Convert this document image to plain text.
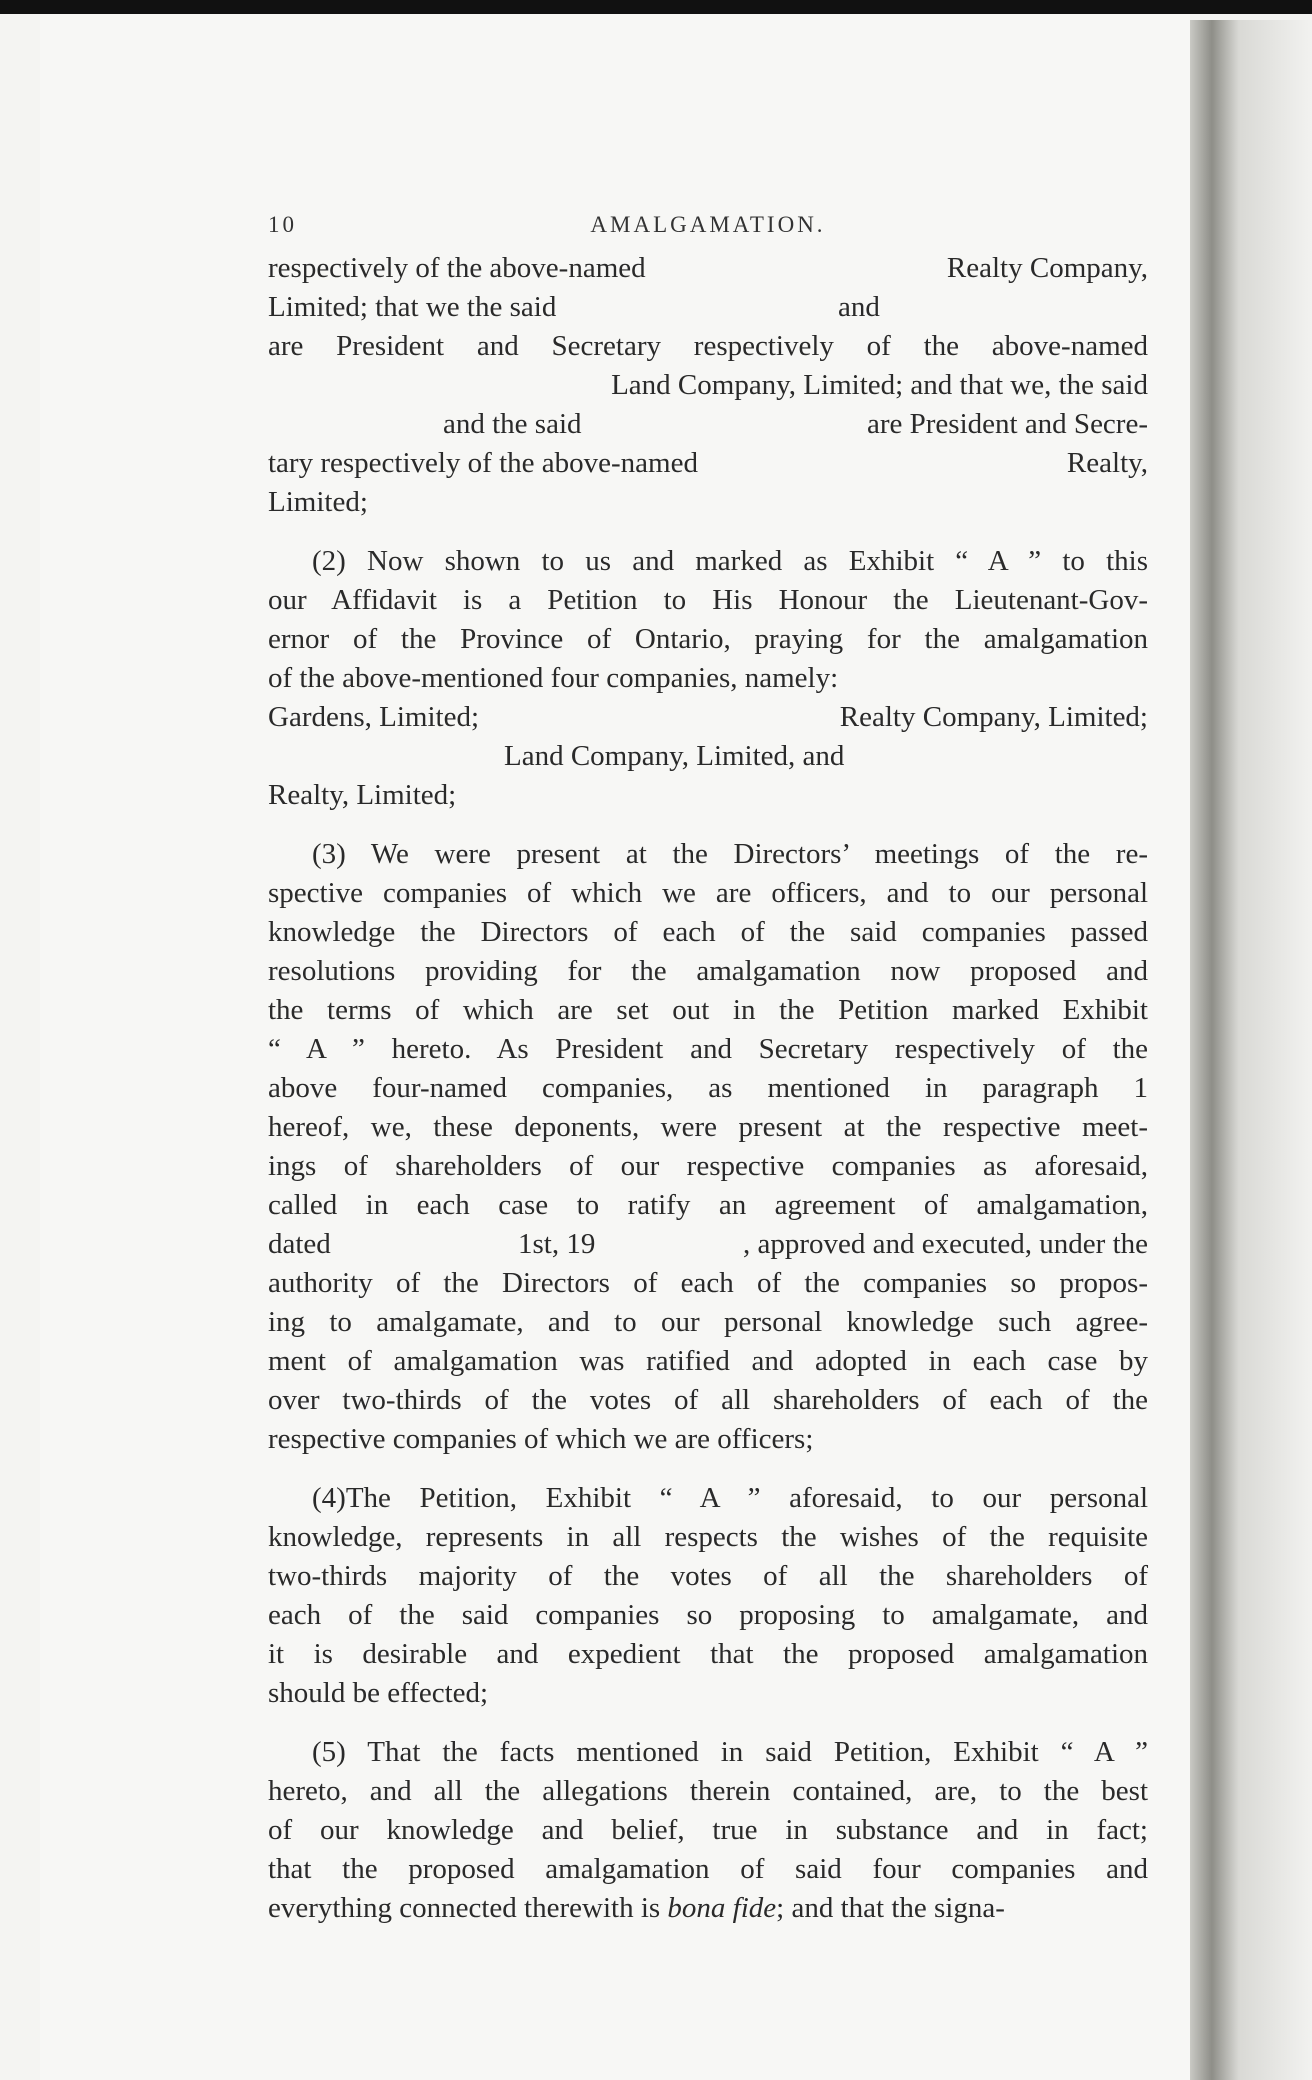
10	AMALGAMATION.
respectively of the above-named	Realty Company,
Limited; that we the said	and
are President and Secretary respectively of the above-named
Land Company, Limited; and that we, the said
and the said	are President and Secre-
tary respectively of the above-named	Realty,
Limited;
(2) Now shown to us and marked as Exhibit “ A ” to this
our Affidavit is a Petition to His Honour the Lieutenant-Gov-
ernor of the Province of Ontario, praying for the amalgamation
of the above-mentioned four companies, namely:
Gardens, Limited;	Realty Company, Limited;
Land Company, Limited, and
Realty, Limited;
(3) We were present at the Directors’ meetings of the re-
spective companies of which we are officers, and to our personal
knowledge the Directors of each of the said companies passed
resolutions providing for the amalgamation now proposed and
the terms of which are set out in the Petition marked Exhibit
“ A ” hereto. As President and Secretary respectively of the
above four-named companies, as mentioned in paragraph 1
hereof, we, these deponents, were present at the respective meet-
ings of shareholders of our respective companies as aforesaid,
called in each case to ratify an agreement of amalgamation,
dated	1st, 19	, approved and executed, under the
authority of the Directors of each of the companies so propos-
ing to amalgamate, and to our personal knowledge such agree-
ment of amalgamation was ratified and adopted in each case by
over two-thirds of the votes of all shareholders of each of the
respective companies of which we are officers;
(4)The Petition, Exhibit “ A ” aforesaid, to our personal
knowledge, represents in all respects the wishes of the requisite
two-thirds majority of the votes of all the shareholders of
each of the said companies so proposing to amalgamate, and
it is desirable and expedient that the proposed amalgamation
should be effected;
(5) That the facts mentioned in said Petition, Exhibit “ A ”
hereto, and all the allegations therein contained, are, to the best
of our knowledge and belief, true in substance and in fact;
that the proposed amalgamation of said four companies and
everything connected therewith is bona fide; and that the signa-
